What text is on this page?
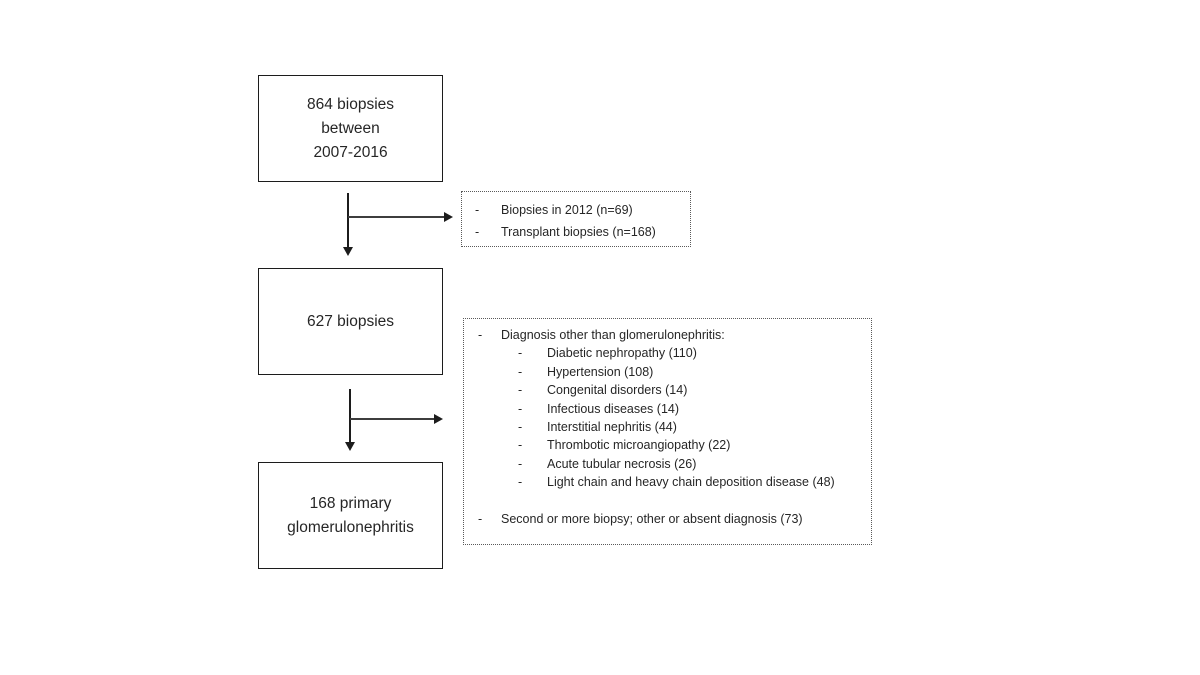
864 biopsies
between
2007-2016
-	Biopsies in 2012 (n=69)
-	Transplant biopsies (n=168)
627 biopsies
-	Diagnosis other than glomerulonephritis:
-	Diabetic nephropathy (110)
-	Hypertension (108)
-	Congenital disorders (14)
-	Infectious diseases (14)
-	Interstitial nephritis (44)
-	Thrombotic microangiopathy (22)
-	Acute tubular necrosis (26)
-	Light chain and heavy chain deposition disease (48)
-	Second or more biopsy; other or absent diagnosis (73)
168 primary
glomerulonephritis
